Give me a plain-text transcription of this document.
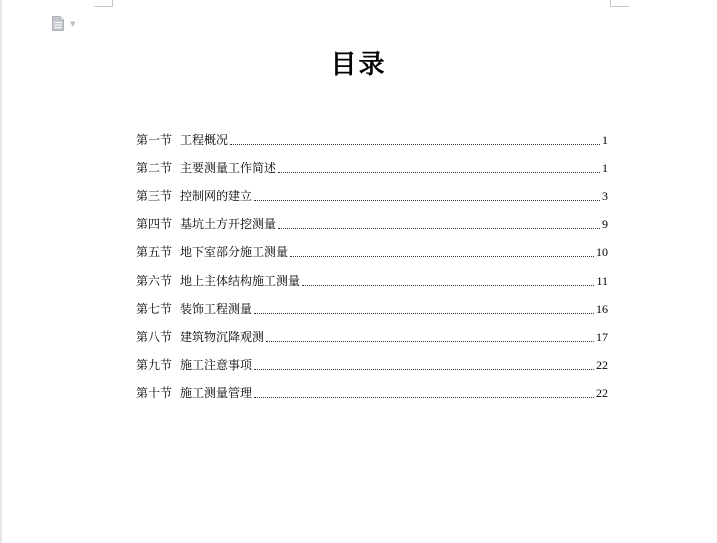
▼
目录
第一节 工程概况	1
第二节 主要测量工作简述	1
第三节 控制网的建立	3
第四节 基坑土方开挖测量	9
第五节 地下室部分施工测量	10
第六节 地上主体结构施工测量	11
第七节 装饰工程测量	16
第八节 建筑物沉降观测	17
第九节 施工注意事项	22
第十节 施工测量管理	22
